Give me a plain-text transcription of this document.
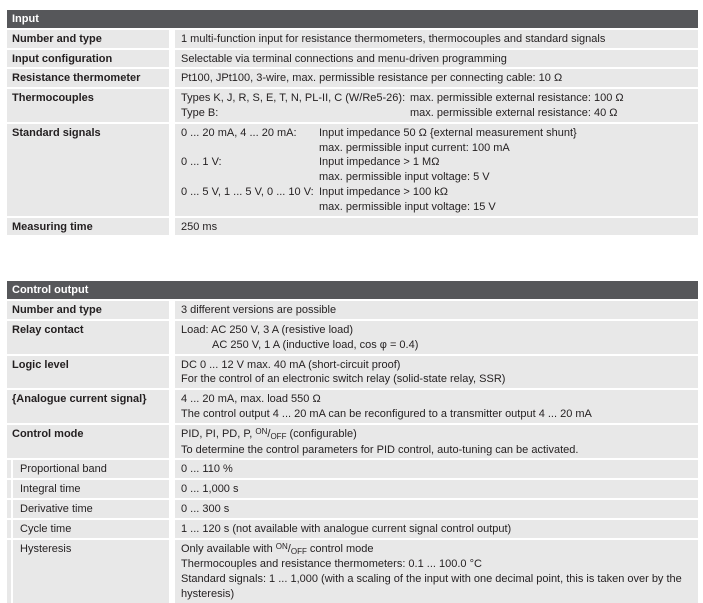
Input
Number and type	1 multi-function input for resistance thermometers, thermocouples and standard signals
Input configuration	Selectable via terminal connections and menu-driven programming
Resistance thermometer	Pt100, JPt100, 3-wire, max. permissible resistance per connecting cable: 10 Ω
Thermocouples	Types K, J, R, S, E, T, N, PL-II, C (W/Re5-26): max. permissible external resistance: 100 Ω
Type B:	max. permissible external resistance: 40 Ω
Standard signals	0 ... 20 mA, 4 ... 20 mA:	Input impedance 50 Ω {external measurement shunt}
max. permissible input current: 100 mA
0 ... 1 V:	Input impedance > 1 MΩ
max. permissible input voltage: 5 V
0 ... 5 V, 1 ... 5 V, 0 ... 10 V: Input impedance > 100 kΩ
max. permissible input voltage: 15 V
Measuring time	250 ms
Control output
Number and type	3 different versions are possible
Relay contact	Load: AC 250 V, 3 A (resistive load)
AC 250 V, 1 A (inductive load, cos φ = 0.4)
Logic level	DC 0 ... 12 V max. 40 mA (short-circuit proof)
For the control of an electronic switch relay (solid-state relay, SSR)
{Analogue current signal}	4 ... 20 mA, max. load 550 Ω
The control output 4 ... 20 mA can be reconfigured to a transmitter output 4 ... 20 mA
Control mode	PID, PI, PD, P, $^{ON}$/OFF (configurable)
To determine the control parameters for PID control, auto-tuning can be activated.
Proportional band	0 ... 110 %
Integral time	0 ... 1,000 s
Derivative time	0 ... 300 s
Cycle time	1 ... 120 s (not available with analogue current signal control output)
Hysteresis	Only available with $^{ON}$/OFF control mode
Thermocouples and resistance thermometers: 0.1 ... 100.0 °C
Standard signals: 1 ... 1,000 (with a scaling of the input with one decimal point, this is taken over by the hysteresis)
